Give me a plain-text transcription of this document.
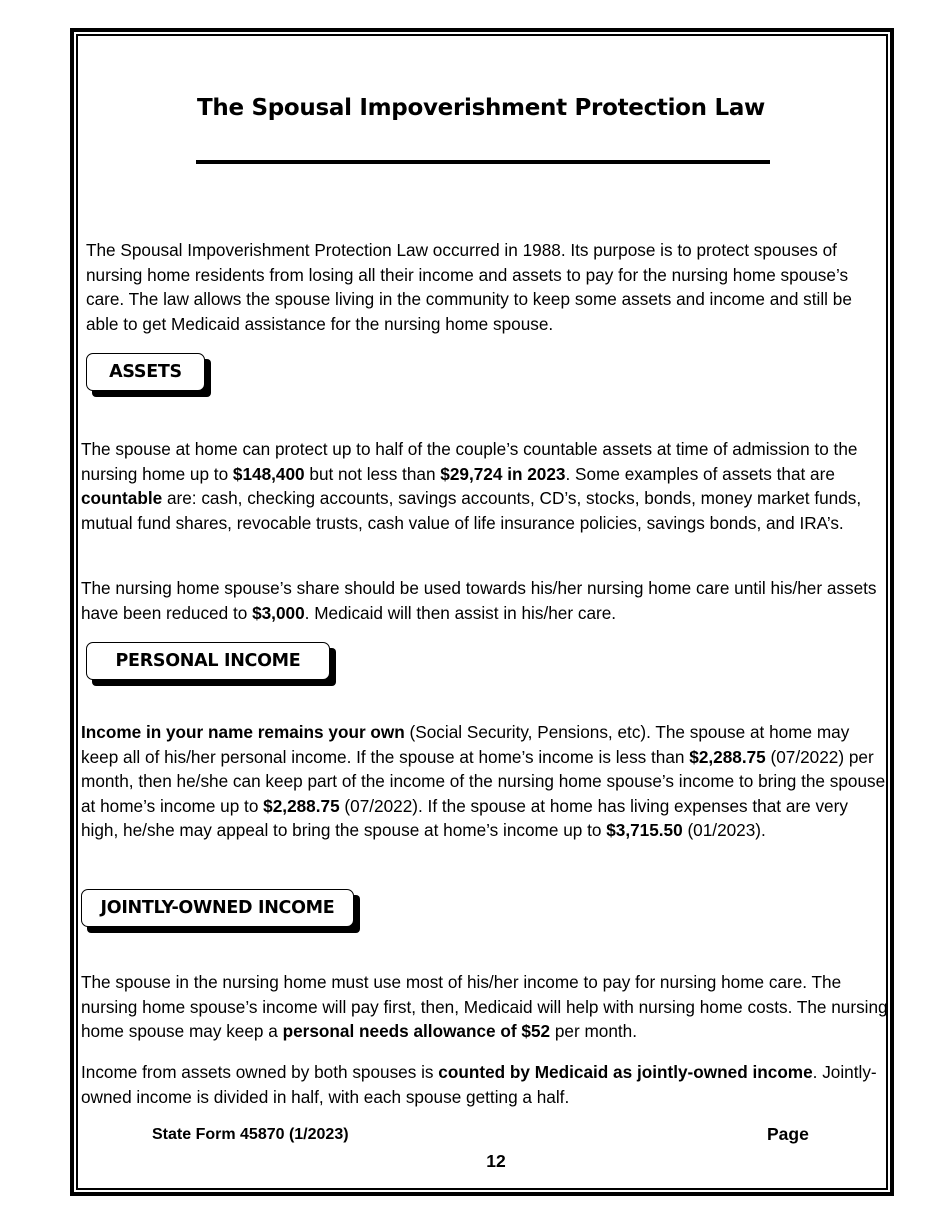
The Spousal Impoverishment Protection Law

The Spousal Impoverishment Protection Law occurred in 1988. Its purpose is to protect spouses of nursing home residents from losing all their income and assets to pay for the nursing home spouse’s care. The law allows the spouse living in the community to keep some assets and income and still be able to get Medicaid assistance for the nursing home spouse.

ASSETS

The spouse at home can protect up to half of the couple’s countable assets at time of admission to the nursing home up to $148,400 but not less than $29,724 in 2023. Some examples of assets that are countable are: cash, checking accounts, savings accounts, CD’s, stocks, bonds, money market funds, mutual fund shares, revocable trusts, cash value of life insurance policies, savings bonds, and IRA’s.

The nursing home spouse’s share should be used towards his/her nursing home care until his/her assets have been reduced to $3,000. Medicaid will then assist in his/her care.

PERSONAL INCOME

Income in your name remains your own (Social Security, Pensions, etc). The spouse at home may keep all of his/her personal income. If the spouse at home’s income is less than $2,288.75 (07/2022) per month, then he/she can keep part of the income of the nursing home spouse’s income to bring the spouse at home’s income up to $2,288.75 (07/2022). If the spouse at home has living expenses that are very high, he/she may appeal to bring the spouse at home’s income up to $3,715.50 (01/2023).

JOINTLY-OWNED INCOME

The spouse in the nursing home must use most of his/her income to pay for nursing home care. The nursing home spouse’s income will pay first, then, Medicaid will help with nursing home costs. The nursing home spouse may keep a personal needs allowance of $52 per month.

Income from assets owned by both spouses is counted by Medicaid as jointly-owned income. Jointly-owned income is divided in half, with each spouse getting a half.

State Form 45870 (1/2023)	Page

12
